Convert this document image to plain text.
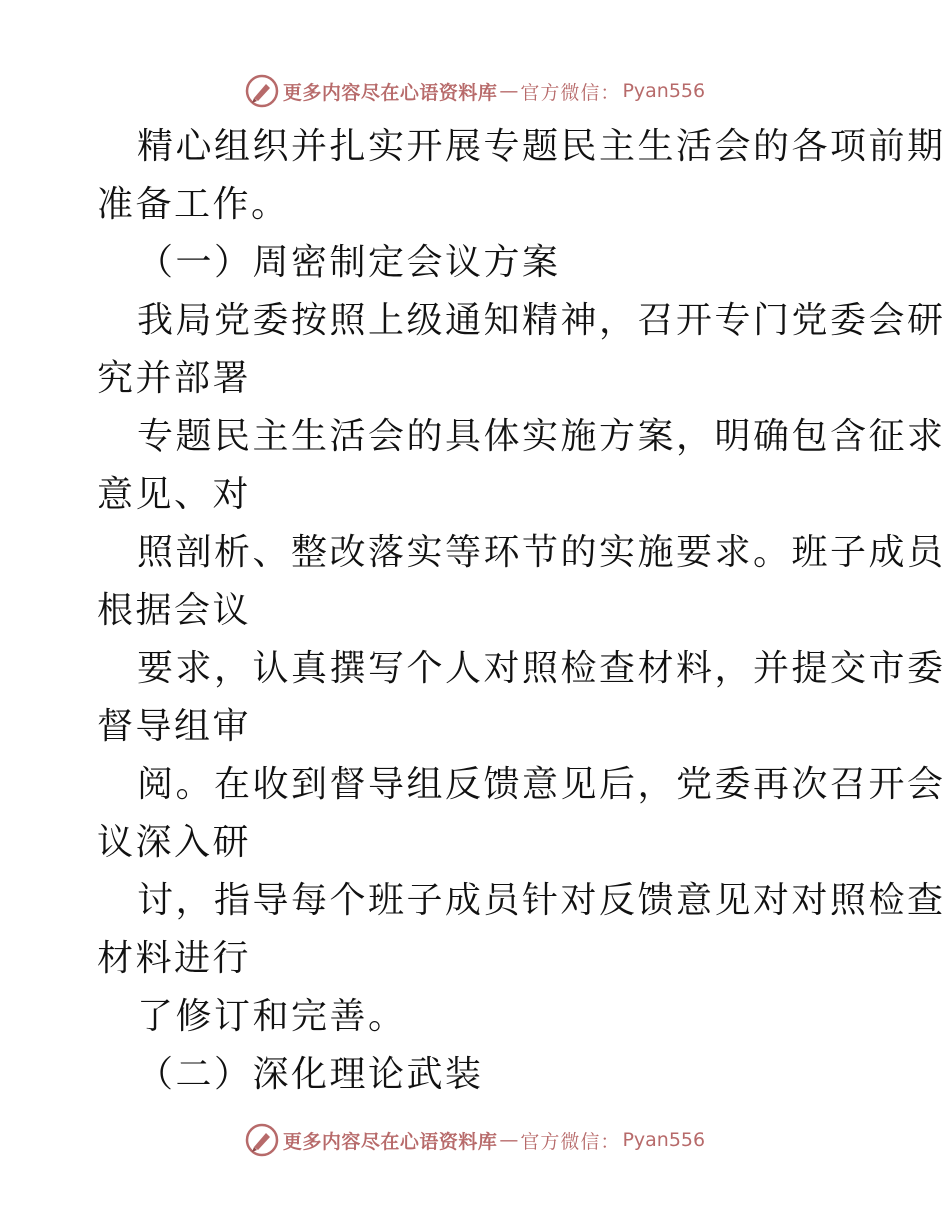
更多内容尽在心语资料库 — 官方微信： Pyan556
精心组织并扎实开展专题民主生活会的各项前期
准备工作。
（一）周密制定会议方案
我局党委按照上级通知精神，召开专门党委会研
究并部署
专题民主生活会的具体实施方案，明确包含征求
意见、对
照剖析、整改落实等环节的实施要求。班子成员
根据会议
要求，认真撰写个人对照检查材料，并提交市委
督导组审
阅。在收到督导组反馈意见后，党委再次召开会
议深入研
讨，指导每个班子成员针对反馈意见对对照检查
材料进行
了修订和完善。
（二）深化理论武装
更多内容尽在心语资料库 — 官方微信： Pyan556
